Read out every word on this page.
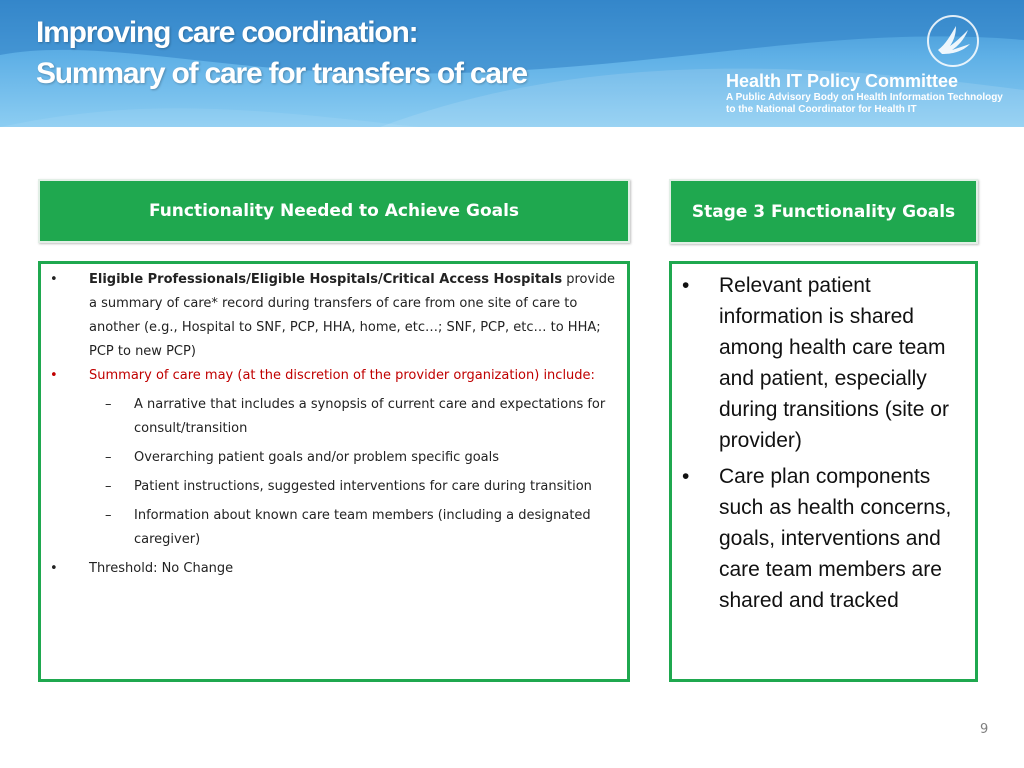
Improving care coordination:
Summary of care for transfers of care	Health IT Policy Committee
A Public Advisory Body on Health Information Technology
to the National Coordinator for Health IT
Functionality Needed to Achieve Goals	Stage 3 Functionality Goals
• Eligible Professionals/Eligible Hospitals/Critical Access Hospitals provide a summary of care* record during transfers of care from one site of care to another (e.g., Hospital to SNF, PCP, HHA, home, etc…; SNF, PCP, etc… to HHA; PCP to new PCP)
• Summary of care may (at the discretion of the provider organization) include:
– A narrative that includes a synopsis of current care and expectations for consult/transition
– Overarching patient goals and/or problem specific goals
– Patient instructions, suggested interventions for care during transition
– Information about known care team members (including a designated caregiver)
• Threshold: No Change
• Relevant patient information is shared among health care team and patient, especially during transitions (site or provider)
• Care plan components such as health concerns, goals, interventions and care team members are shared and tracked
9
